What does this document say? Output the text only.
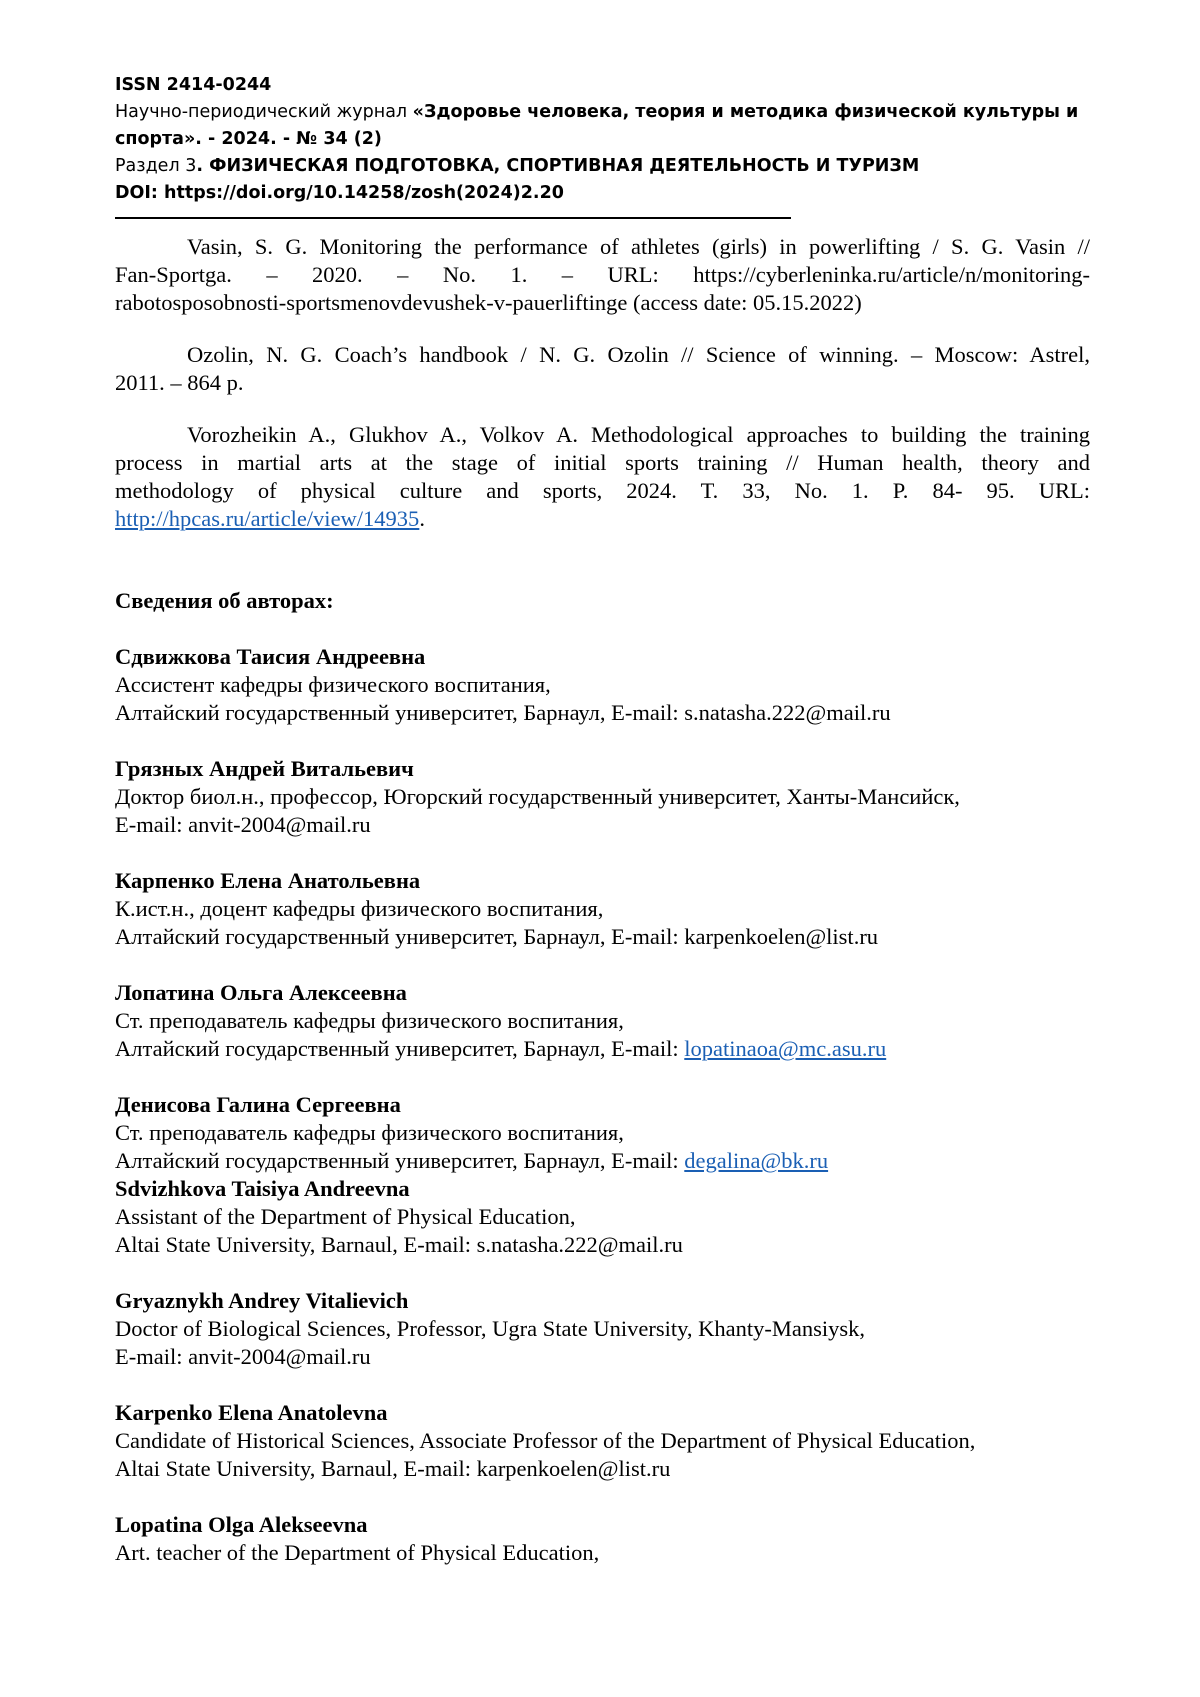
ISSN 2414-0244
Научно-периодический журнал «Здоровье человека, теория и методика физической культуры и
спорта». - 2024. - № 34 (2)
Раздел 3. ФИЗИЧЕСКАЯ ПОДГОТОВКА, СПОРТИВНАЯ ДЕЯТЕЛЬНОСТЬ И ТУРИЗМ
DOI: https://doi.org/10.14258/zosh(2024)2.20

Vasin, S. G. Monitoring the performance of athletes (girls) in powerlifting / S. G. Vasin //
Fan-Sportga. – 2020. – No. 1. – URL: https://cyberleninka.ru/article/n/monitoring-
rabotosposobnosti-sportsmenovdevushek-v-pauerliftinge (access date: 05.15.2022)

Ozolin, N. G. Coach’s handbook / N. G. Ozolin // Science of winning. – Moscow: Astrel,
2011. – 864 p.

Vorozheikin A., Glukhov A., Volkov A. Methodological approaches to building the training
process in martial arts at the stage of initial sports training // Human health, theory and
methodology of physical culture and sports, 2024. T. 33, No. 1. P. 84- 95. URL:
http://hpcas.ru/article/view/14935.

Сведения об авторах:
Сдвижкова Таисия Андреевна
Ассистент кафедры физического воспитания,
Алтайский государственный университет, Барнаул, E-mail: s.natasha.222@mail.ru
Грязных Андрей Витальевич
Доктор биол.н., профессор, Югорский государственный университет, Ханты-Мансийск,
E-mail: anvit-2004@mail.ru
Карпенко Елена Анатольевна
К.ист.н., доцент кафедры физического воспитания,
Алтайский государственный университет, Барнаул, E-mail: karpenkoelen@list.ru
Лопатина Ольга Алексеевна
Ст. преподаватель кафедры физического воспитания,
Алтайский государственный университет, Барнаул, E-mail: lopatinaoa@mc.asu.ru
Денисова Галина Сергеевна
Ст. преподаватель кафедры физического воспитания,
Алтайский государственный университет, Барнаул, E-mail: degalina@bk.ru
Sdvizhkova Taisiya Andreevna
Assistant of the Department of Physical Education,
Altai State University, Barnaul, E-mail: s.natasha.222@mail.ru
Gryaznykh Andrey Vitalievich
Doctor of Biological Sciences, Professor, Ugra State University, Khanty-Mansiysk,
E-mail: anvit-2004@mail.ru
Karpenko Elena Anatolevna
Candidate of Historical Sciences, Associate Professor of the Department of Physical Education,
Altai State University, Barnaul, E-mail: karpenkoelen@list.ru
Lopatina Olga Alekseevna
Art. teacher of the Department of Physical Education,
